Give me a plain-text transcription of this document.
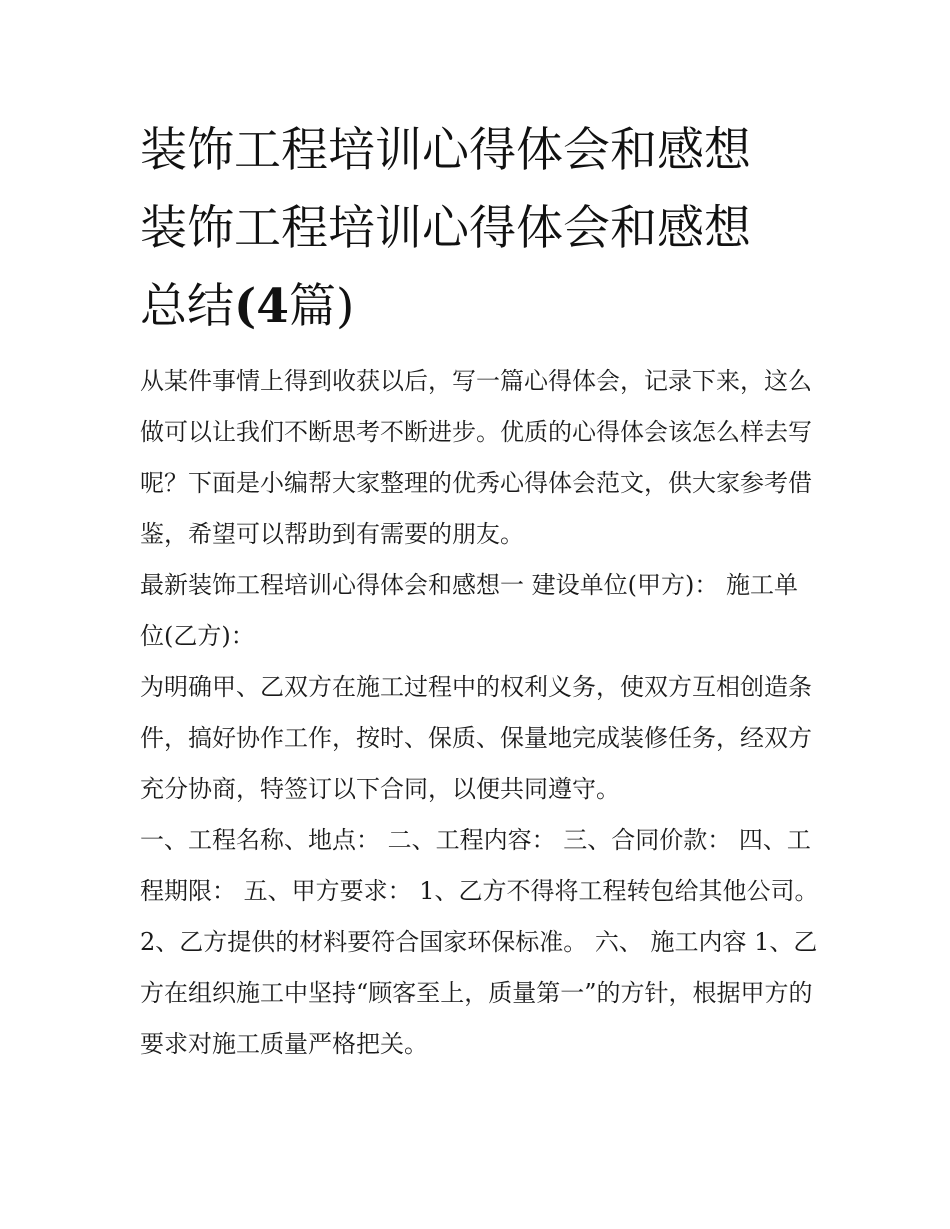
装饰工程培训心得体会和感想
装饰工程培训心得体会和感想
总结(4篇)

从某件事情上得到收获以后，写一篇心得体会，记录下来，这么做可以让我们不断思考不断进步。优质的心得体会该怎么样去写呢？下面是小编帮大家整理的优秀心得体会范文，供大家参考借鉴，希望可以帮助到有需要的朋友。

最新装饰工程培训心得体会和感想一 建设单位(甲方)： 施工单位(乙方)：

为明确甲、乙双方在施工过程中的权利义务，使双方互相创造条件，搞好协作工作，按时、保质、保量地完成装修任务，经双方充分协商，特签订以下合同，以便共同遵守。

一、工程名称、地点： 二、工程内容： 三、合同价款： 四、工程期限： 五、甲方要求： 1、乙方不得将工程转包给其他公司。

2、乙方提供的材料要符合国家环保标准。 六、 施工内容 1、乙方在组织施工中坚持“顾客至上，质量第一”的方针，根据甲方的要求对施工质量严格把关。
